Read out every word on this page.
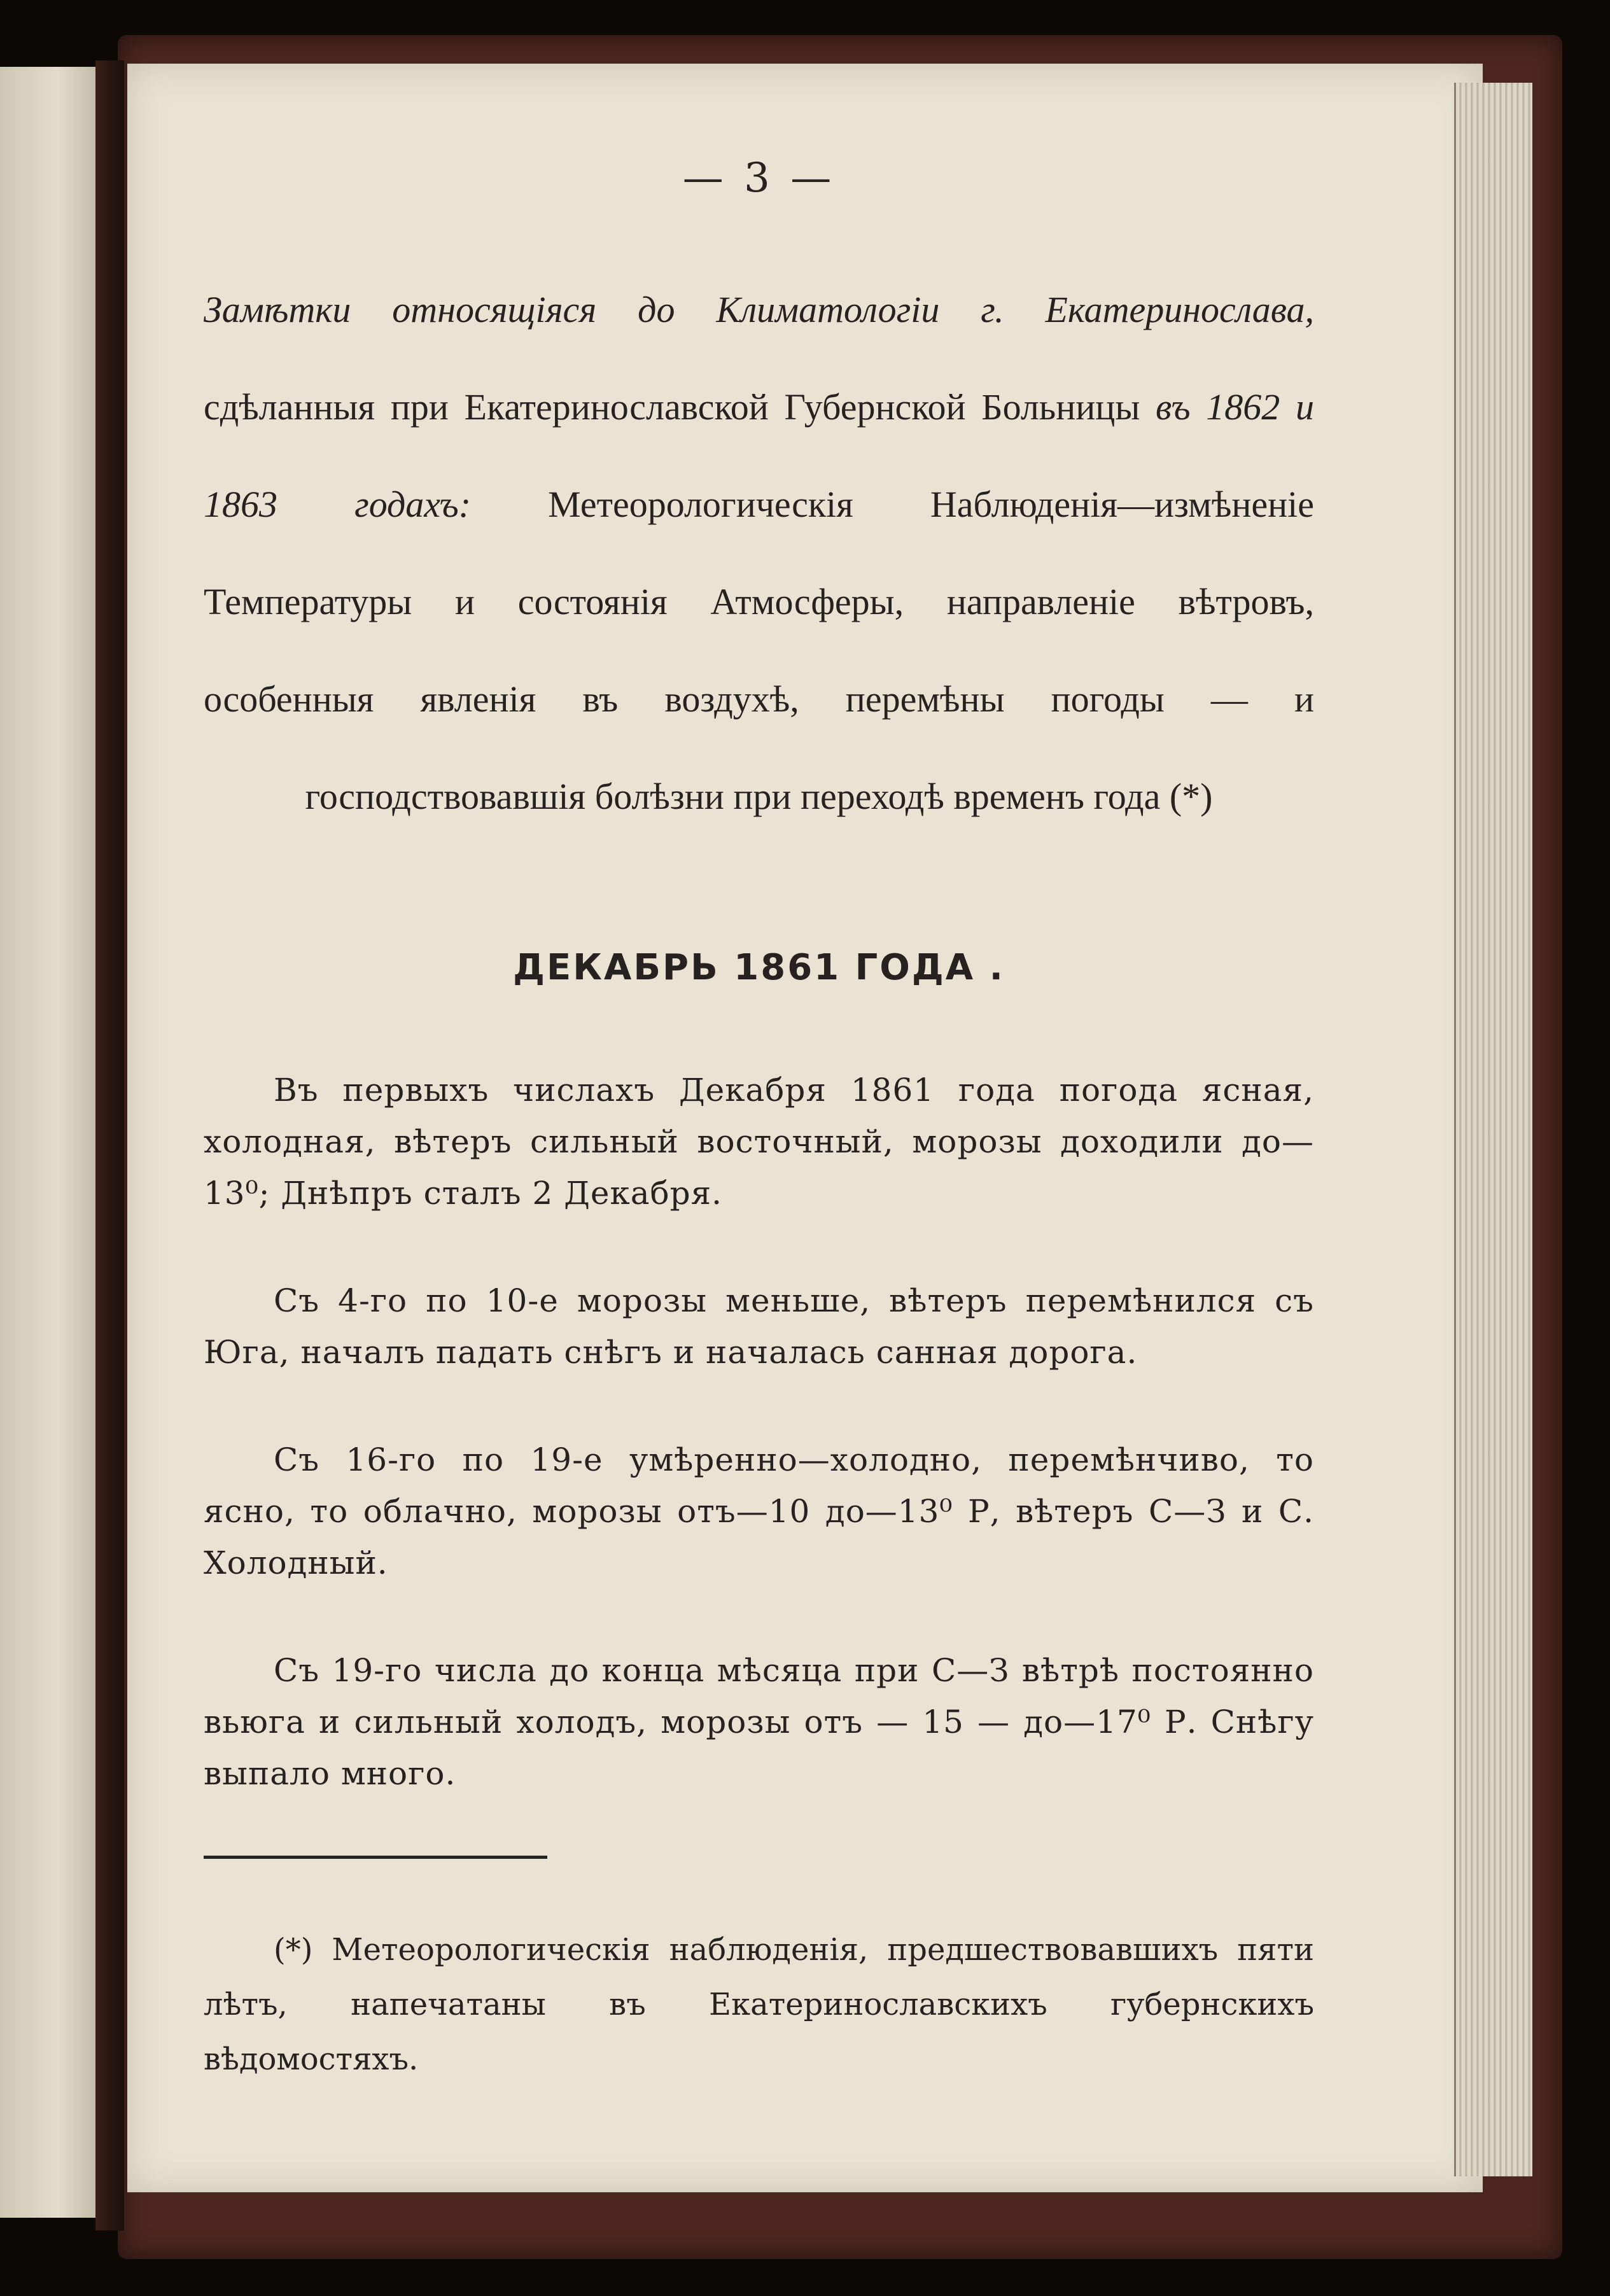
— 3 —

Замѣтки относящіяся до Климатологіи г. Екатеринослава, сдѣланныя при Екатеринославской Губернской Больницы въ 1862 и 1863 годахъ: Метеорологическія Наблюденія—измѣненіе Температуры и состоянія Атмосферы, направленіе вѣтровъ, особенныя явленія въ воздухѣ, перемѣны погоды — и господствовавшія болѣзни при переходѣ временъ года (*)

ДЕКАБРЬ 1861 ГОДА .

Въ первыхъ числахъ Декабря 1861 года погода ясная, холодная, вѣтеръ сильный восточный, морозы доходили до—13⁰; Днѣпръ сталъ 2 Декабря.

Съ 4-го по 10-е морозы меньше, вѣтеръ перемѣнился съ Юга, началъ падать снѣгъ и началась санная дорога.

Съ 16-го по 19-е умѣренно—холодно, перемѣнчиво, то ясно, то облачно, морозы отъ—10 до—13⁰ Р, вѣтеръ С—З и С. Холодный.

Съ 19-го числа до конца мѣсяца при С—З вѣтрѣ постоянно вьюга и сильный холодъ, морозы отъ — 15 — до—17⁰ Р. Снѣгу выпало много.

(*) Метеорологическія наблюденія, предшествовавшихъ пяти лѣтъ, напечатаны въ Екатеринославскихъ губернскихъ вѣдомостяхъ.
